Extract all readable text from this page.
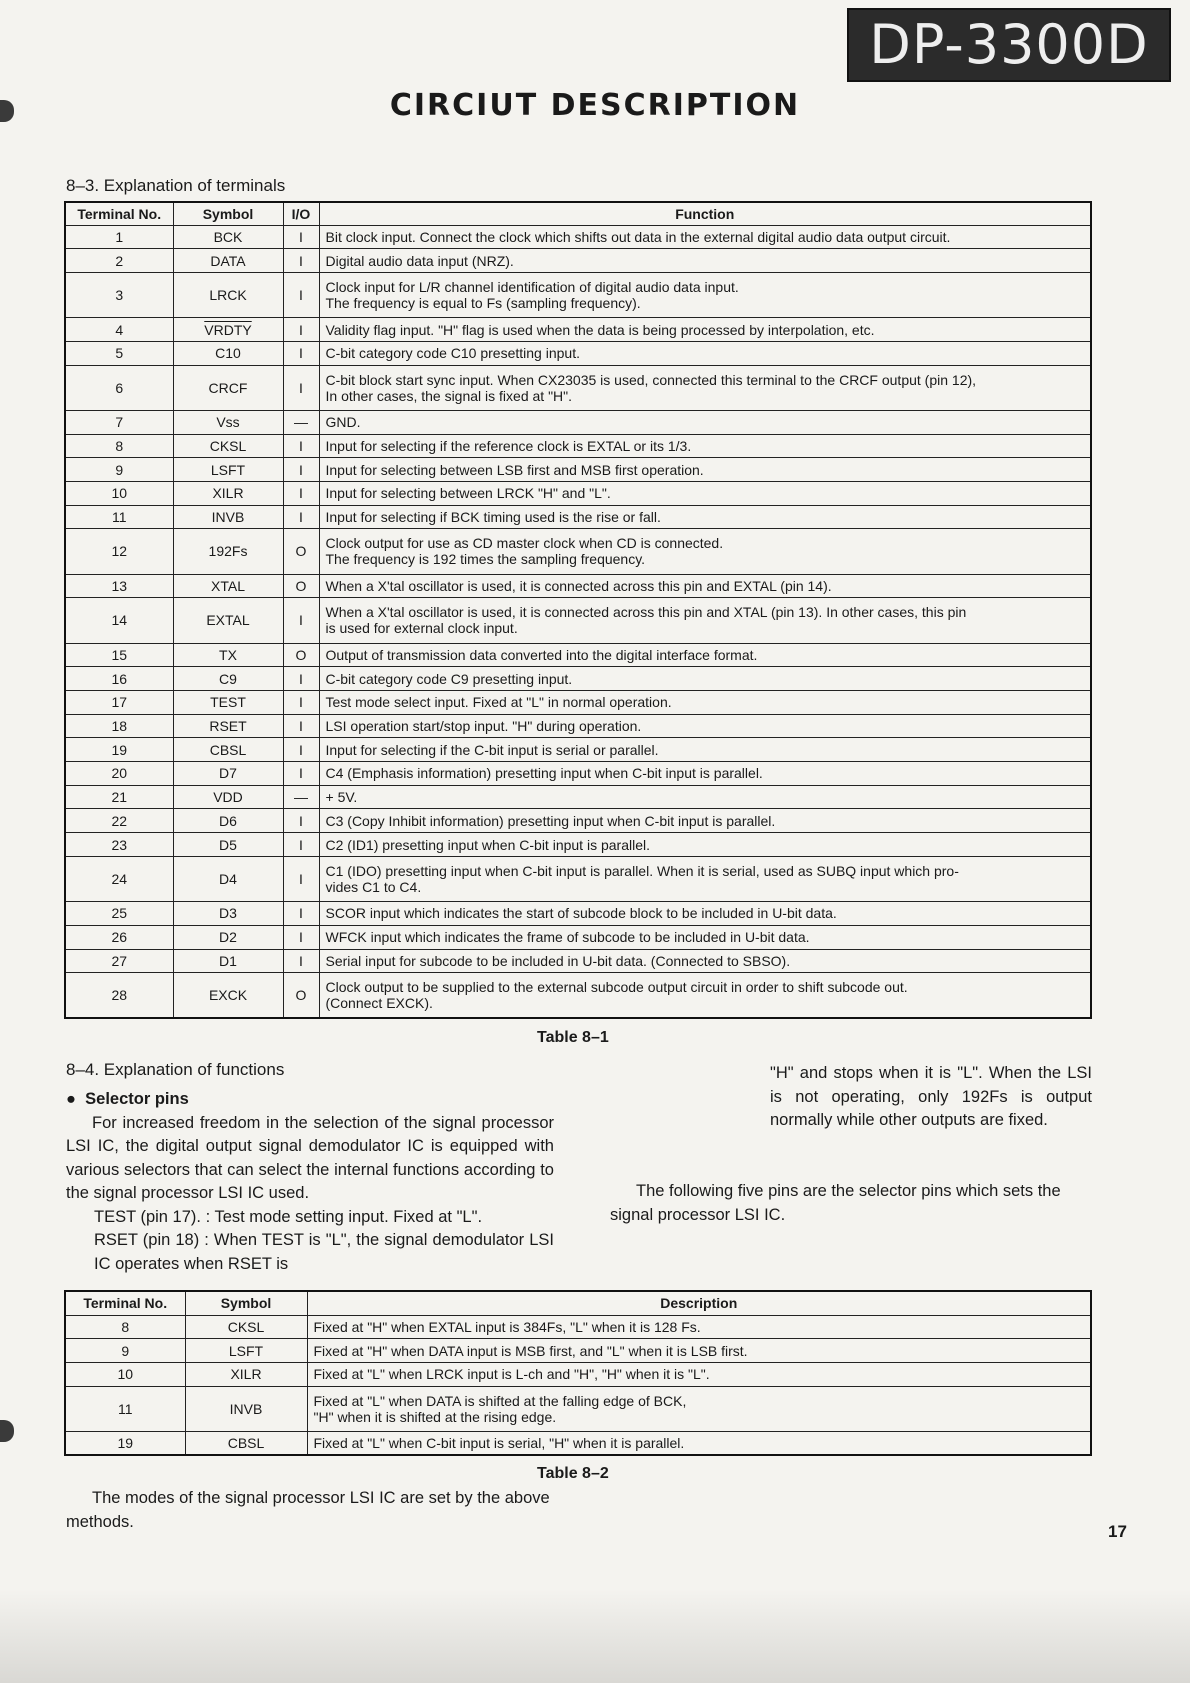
DP-3300D
CIRCIUT DESCRIPTION
8–3. Explanation of terminals
Terminal No.	Symbol	I/O	Function
1	BCK	I	Bit clock input. Connect the clock which shifts out data in the external digital audio data output circuit.

2	DATA	I	Digital audio data input (NRZ).

3	LRCK	I	Clock input for L/R channel identification of digital audio data input.
The frequency is equal to Fs (sampling frequency).

4	VRDTY	I	Validity flag input. "H" flag is used when the data is being processed by interpolation, etc.

5	C10	I	C-bit category code C10 presetting input.

6	CRCF	I	C-bit block start sync input. When CX23035 is used, connected this terminal to the CRCF output (pin 12),
In other cases, the signal is fixed at "H".

7	Vss	—	GND.

8	CKSL	I	Input for selecting if the reference clock is EXTAL or its 1/3.

9	LSFT	I	Input for selecting between LSB first and MSB first operation.

10	XILR	I	Input for selecting between LRCK "H" and "L".

11	INVB	I	Input for selecting if BCK timing used is the rise or fall.

12	192Fs	O	Clock output for use as CD master clock when CD is connected.
The frequency is 192 times the sampling frequency.

13	XTAL	O	When a X'tal oscillator is used, it is connected across this pin and EXTAL (pin 14).

14	EXTAL	I	When a X'tal oscillator is used, it is connected across this pin and XTAL (pin 13). In other cases, this pin
is used for external clock input.

15	TX	O	Output of transmission data converted into the digital interface format.

16	C9	I	C-bit category code C9 presetting input.

17	TEST	I	Test mode select input. Fixed at "L" in normal operation.

18	RSET	I	LSI operation start/stop input. "H" during operation.

19	CBSL	I	Input for selecting if the C-bit input is serial or parallel.

20	D7	I	C4 (Emphasis information) presetting input when C-bit input is parallel.

21	VDD	—	+ 5V.

22	D6	I	C3 (Copy Inhibit information) presetting input when C-bit input is parallel.

23	D5	I	C2 (ID1) presetting input when C-bit input is parallel.

24	D4	I	C1 (IDO) presetting input when C-bit input is parallel. When it is serial, used as SUBQ input which pro-
vides C1 to C4.

25	D3	I	SCOR input which indicates the start of subcode block to be included in U-bit data.

26	D2	I	WFCK input which indicates the frame of subcode to be included in U-bit data.

27	D1	I	Serial input for subcode to be included in U-bit data. (Connected to SBSO).

28	EXCK	O	Clock output to be supplied to the external subcode output circuit in order to shift subcode out.
(Connect EXCK).
Table 8–1
8–4. Explanation of functions

● Selector pins

For increased freedom in the selection of the signal processor LSI IC, the digital output signal demodulator IC is equipped with various selectors that can select the internal functions according to the signal processor LSI IC used.

TEST (pin 17). : Test mode setting input. Fixed at "L".

RSET (pin 18) : When TEST is "L", the signal demodulator LSI IC operates when RSET is

"H" and stops when it is "L". When the LSI is not operating, only 192Fs is output normally while other outputs are fixed.

The following five pins are the selector pins which sets the signal processor LSI IC.

Terminal No.	Symbol	Description
8	CKSL	Fixed at "H" when EXTAL input is 384Fs, "L" when it is 128 Fs.

9	LSFT	Fixed at "H" when DATA input is MSB first, and "L" when it is LSB first.

10	XILR	Fixed at "L" when LRCK input is L-ch and "H", "H" when it is "L".

11	INVB	Fixed at "L" when DATA is shifted at the falling edge of BCK,
"H" when it is shifted at the rising edge.

19	CBSL	Fixed at "L" when C-bit input is serial, "H" when it is parallel.
Table 8–2

The modes of the signal processor LSI IC are set by the above methods.

17
